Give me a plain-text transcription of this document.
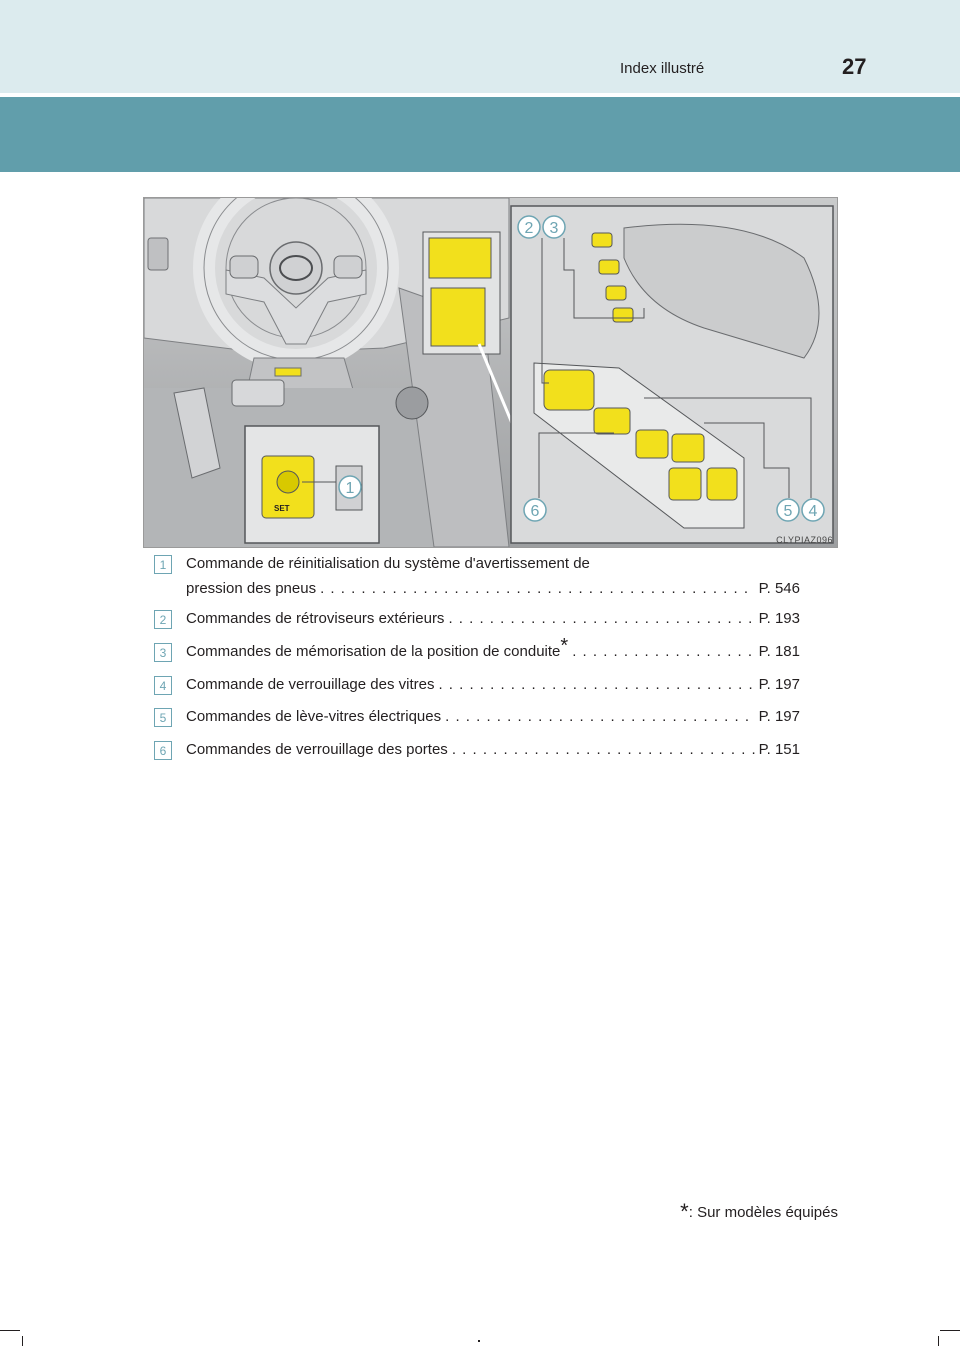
Index illustré	27
SET
1
2 3
4
5
6
CLYPIAZ096
1	Commande de réinitialisation du système d'avertissement de
pression des pneus . . .	P. 546
2	Commandes de rétroviseurs extérieurs . . .	P. 193
3	Commandes de mémorisation de la position de conduite* . . .	P. 181
4	Commande de verrouillage des vitres . . .	P. 197
5	Commandes de lève-vitres électriques . . .	P. 197
6	Commandes de verrouillage des portes . . .	P. 151
*: Sur modèles équipés
